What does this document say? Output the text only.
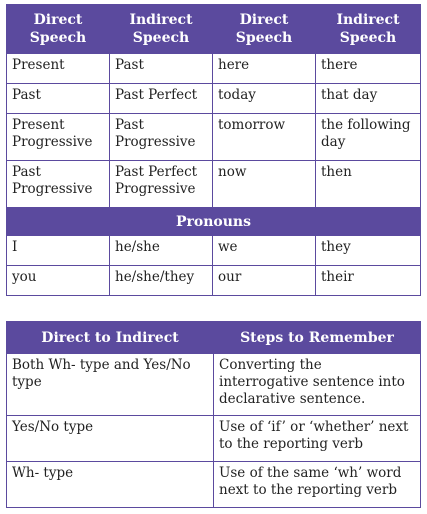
Direct Speech	Indirect Speech	Direct Speech	Indirect Speech
Present	Past	here	there
Past	Past Perfect	today	that day
Present Progressive	Past Progressive	tomorrow	the following day
Past Progressive	Past Perfect Progressive	now	then
Pronouns			
I	he/she	we	they
you	he/she/they	our	their
Direct to Indirect	Steps to Remember
Both Wh- type and Yes/No type	Converting the interrogative sentence into declarative sentence.
Yes/No type	Use of ‘if’ or ‘whether’ next to the reporting verb
Wh- type	Use of the same ‘wh’ word next to the reporting verb
